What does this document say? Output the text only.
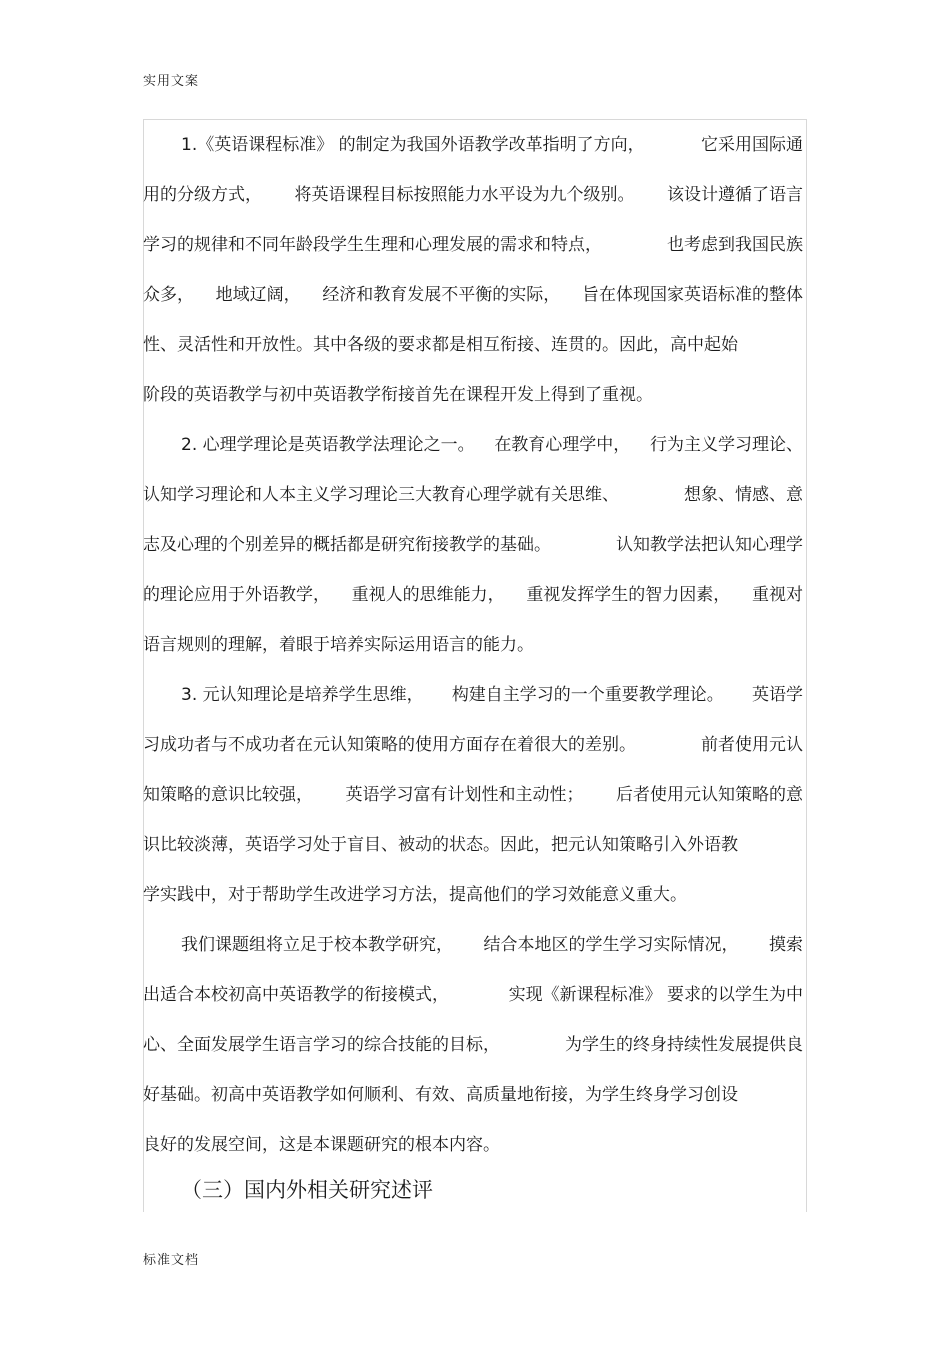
实用文案
1.《英语课程标准》 的制定为我国外语教学改革指明了方向，	它采用国际通
用的分级方式， 将英语课程目标按照能力水平设为九个级别。 该设计遵循了语言
学习的规律和不同年龄段学生生理和心理发展的需求和特点，	也考虑到我国民族
众多， 地域辽阔， 经济和教育发展不平衡的实际， 旨在体现国家英语标准的整体
性、灵活性和开放性。其中各级的要求都是相互衔接、连贯的。因此，高中起始
阶段的英语教学与初中英语教学衔接首先在课程开发上得到了重视。
2. 心理学理论是英语教学法理论之一。 在教育心理学中， 行为主义学习理论、
认知学习理论和人本主义学习理论三大教育心理学就有关思维、	想象、情感、意
志及心理的个别差异的概括都是研究衔接教学的基础。	认知教学法把认知心理学
的理论应用于外语教学， 重视人的思维能力， 重视发挥学生的智力因素， 重视对
语言规则的理解，着眼于培养实际运用语言的能力。
3. 元认知理论是培养学生思维， 构建自主学习的一个重要教学理论。 英语学
习成功者与不成功者在元认知策略的使用方面存在着很大的差别。	前者使用元认
知策略的意识比较强， 英语学习富有计划性和主动性； 后者使用元认知策略的意
识比较淡薄，英语学习处于盲目、被动的状态。因此，把元认知策略引入外语教
学实践中，对于帮助学生改进学习方法，提高他们的学习效能意义重大。
我们课题组将立足于校本教学研究， 结合本地区的学生学习实际情况， 摸索
出适合本校初高中英语教学的衔接模式，	实现《新课程标准》 要求的以学生为中
心、全面发展学生语言学习的综合技能的目标，	为学生的终身持续性发展提供良
好基础。初高中英语教学如何顺利、有效、高质量地衔接，为学生终身学习创设
良好的发展空间，这是本课题研究的根本内容。
（三）国内外相关研究述评
标准文档
